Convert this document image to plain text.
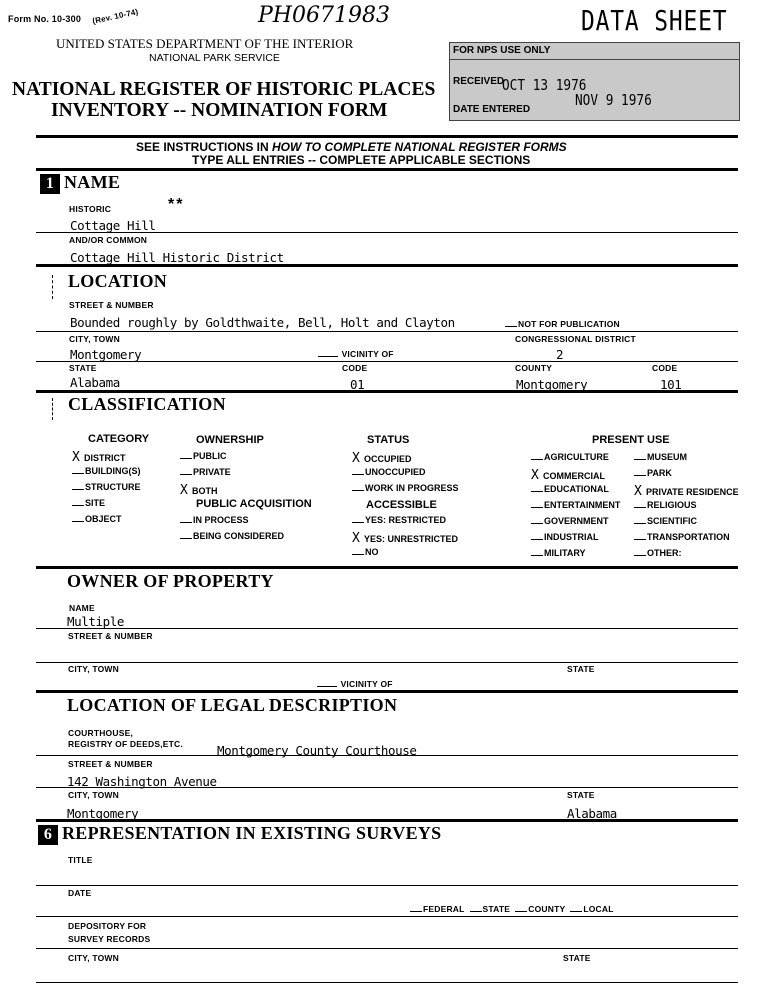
Form No. 10-300 (Rev. 10-74)	PH0671983	DATA SHEET
UNITED STATES DEPARTMENT OF THE INTERIOR
NATIONAL PARK SERVICE
NATIONAL REGISTER OF HISTORIC PLACES
INVENTORY -- NOMINATION FORM
FOR NPS USE ONLY
RECEIVED
OCT 13 1976
DATE ENTERED
NOV 9 1976
SEE INSTRUCTIONS IN HOW TO COMPLETE NATIONAL REGISTER FORMS
TYPE ALL ENTRIES -- COMPLETE APPLICABLE SECTIONS
1 NAME
HISTORIC	**
Cottage Hill
AND/OR COMMON
Cottage Hill Historic District
LOCATION
STREET & NUMBER
Bounded roughly by Goldthwaite, Bell, Holt and Clayton	NOT FOR PUBLICATION
CITY, TOWN	CONGRESSIONAL DISTRICT
Montgomery	VICINITY OF	2
STATE	CODE	COUNTY	CODE
Alabama	01	Montgomery	101
CLASSIFICATION
CATEGORY
X DISTRICT
BUILDING(S)
STRUCTURE
SITE
OBJECT
OWNERSHIP
PUBLIC
PRIVATE
X BOTH
PUBLIC ACQUISITION
IN PROCESS
BEING CONSIDERED
STATUS
X OCCUPIED
UNOCCUPIED
WORK IN PROGRESS
ACCESSIBLE
YES: RESTRICTED
X YES: UNRESTRICTED
NO
PRESENT USE
AGRICULTURE
X COMMERCIAL
EDUCATIONAL
ENTERTAINMENT
GOVERNMENT
INDUSTRIAL
MILITARY
MUSEUM
PARK
X PRIVATE RESIDENCE
RELIGIOUS
SCIENTIFIC
TRANSPORTATION
OTHER:
OWNER OF PROPERTY
NAME
Multiple
STREET & NUMBER
CITY, TOWN	STATE
VICINITY OF
LOCATION OF LEGAL DESCRIPTION
COURTHOUSE,
REGISTRY OF DEEDS,ETC.	Montgomery County Courthouse
STREET & NUMBER
142 Washington Avenue
CITY, TOWN	STATE
Montgomery	Alabama
6 REPRESENTATION IN EXISTING SURVEYS
TITLE
DATE
FEDERAL STATE COUNTY LOCAL
DEPOSITORY FOR
SURVEY RECORDS
CITY, TOWN	STATE
